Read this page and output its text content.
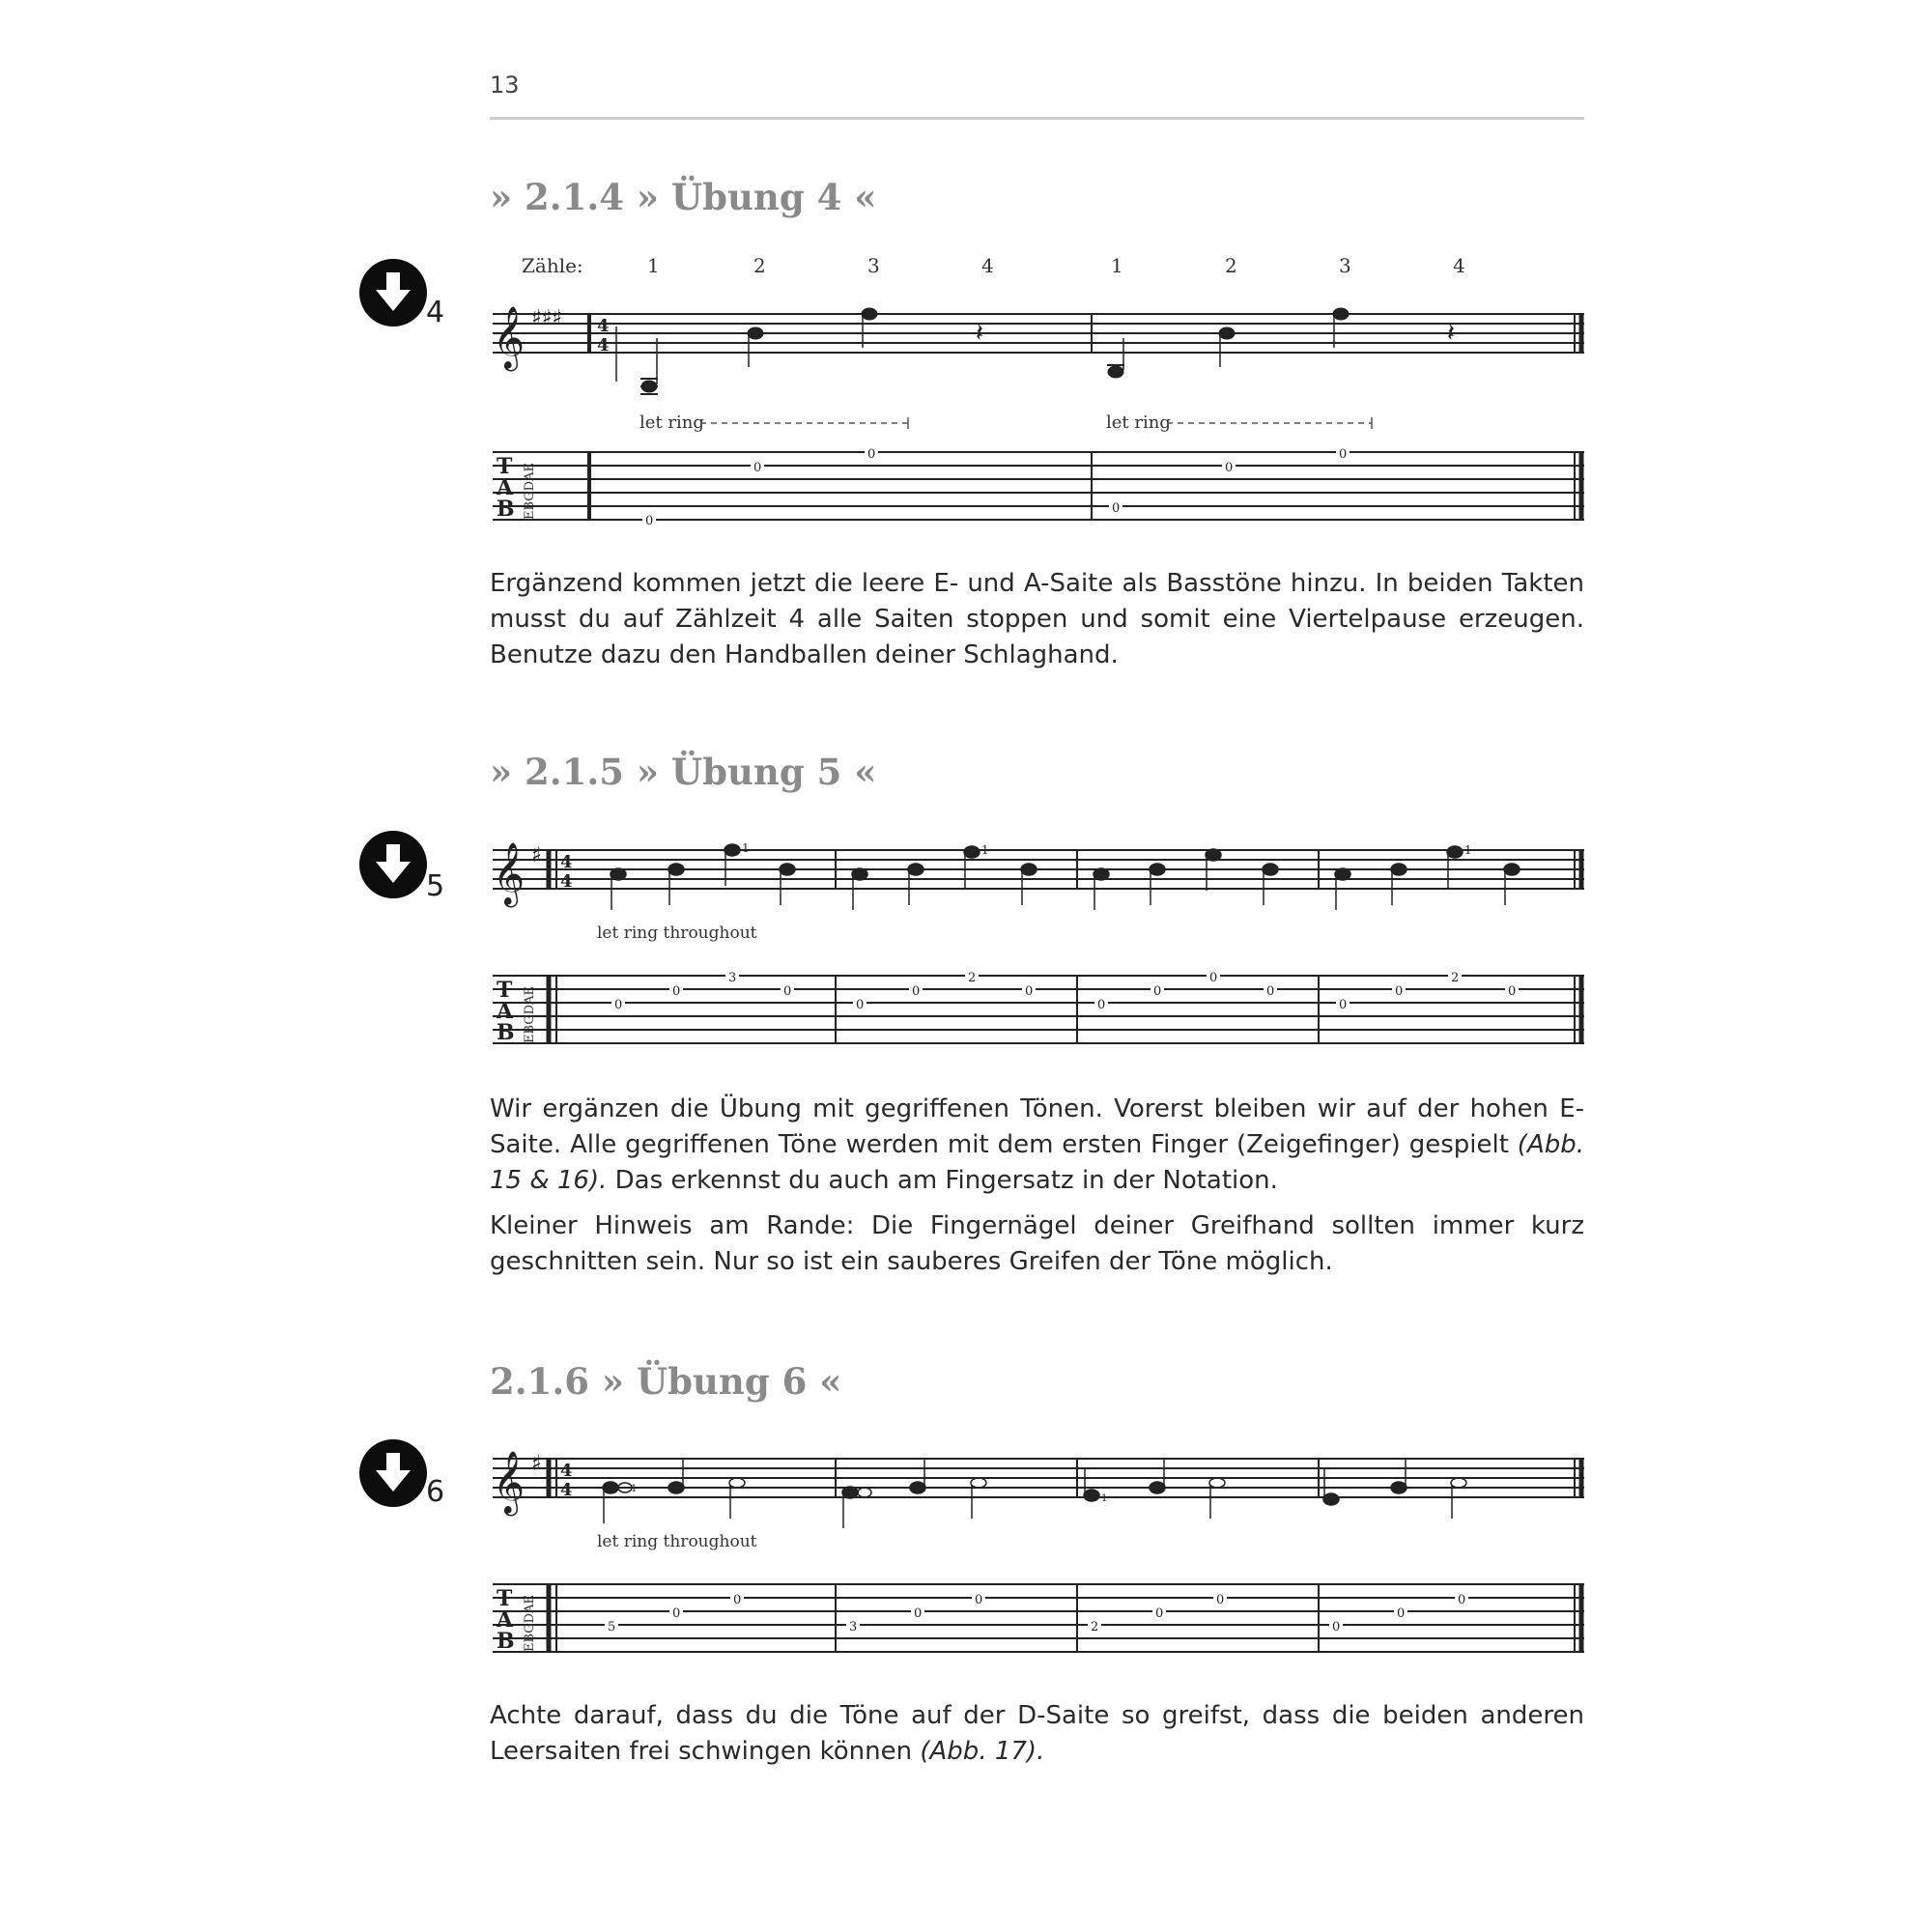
13
» 2.1.4 » Übung 4 «
4
Zähle:	1	2	3	4	1	2	3	4
𝄞 ♯♯♯ 4
4	𝄽	𝄽
let ring	let ring
T
A
B EBGDAE
0
0
0
0
0
0

Ergänzend kommen jetzt die leere E- und A-Saite als Basstöne hinzu. In beiden Takten musst du auf Zählzeit 4 alle Saiten stoppen und somit eine Viertelpause erzeugen. Benutze dazu den Handballen deiner Schlaghand.

» 2.1.5 » Übung 5 «
5 𝄞 ♯ 4
4
1	1	1
let ring throughout
T
A
B EBGDAE	0
0
3
0
0
0
2
0
0
0
0
0
0
0
2
0

Wir ergänzen die Übung mit gegriffenen Tönen. Vorerst bleiben wir auf der hohen E-Saite. Alle gegriffenen Töne werden mit dem ersten Finger (Zeigefinger) gespielt (Abb. 15 & 16). Das erkennst du auch am Fingersatz in der Notation.

Kleiner Hinweis am Rande: Die Fingernägel deiner Greifhand sollten immer kurz geschnitten sein. Nur so ist ein sauberes Greifen der Töne möglich.

2.1.6 » Übung 6 «
6 𝄞 ♯ 4
4	1
1
let ring throughout
T
A
B EBGDAE	5
0
0
3
0
0
2
0
0
0
0
0

Achte darauf, dass du die Töne auf der D-Saite so greifst, dass die beiden anderen Leersaiten frei schwingen können (Abb. 17).
